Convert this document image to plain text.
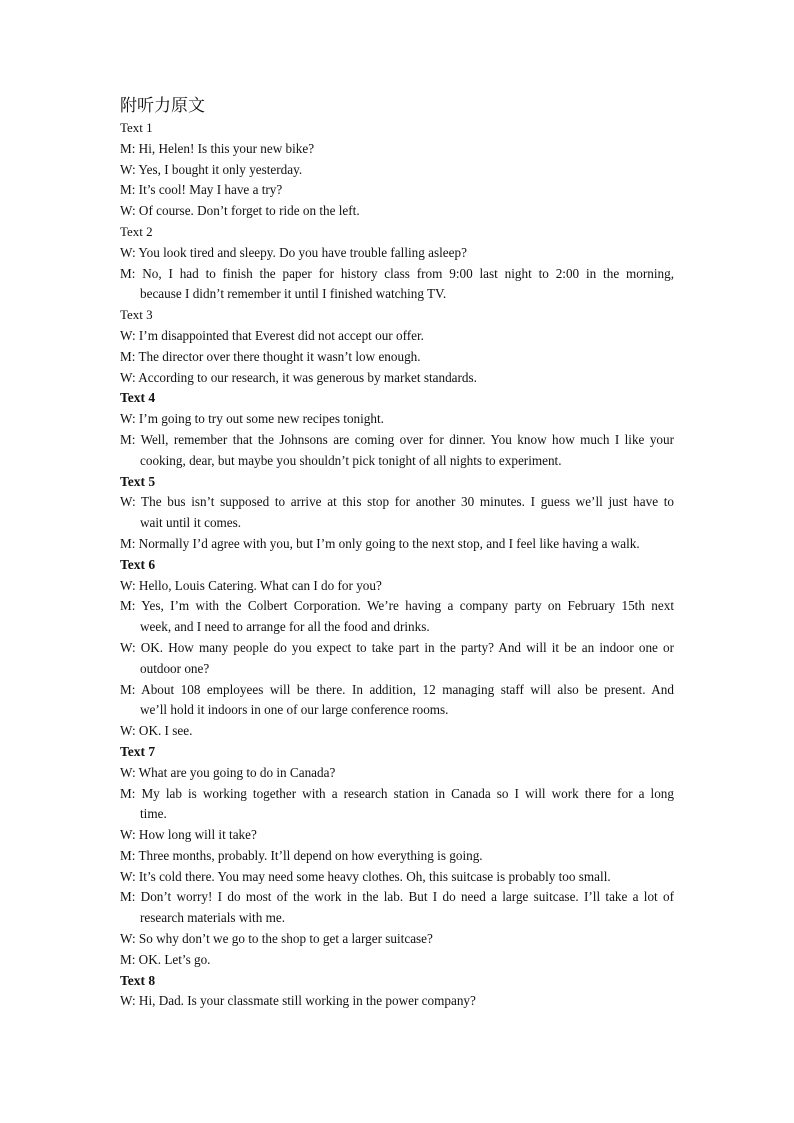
附听力原文
Text 1
M: Hi, Helen! Is this your new bike?
W: Yes, I bought it only yesterday.
M: It’s cool! May I have a try?
W: Of course. Don’t forget to ride on the left.
Text 2
W: You look tired and sleepy. Do you have trouble falling asleep?
M: No, I had to finish the paper for history class from 9:00 last night to 2:00 in the morning,
because I didn’t remember it until I finished watching TV.
Text 3
W: I’m disappointed that Everest did not accept our offer.
M: The director over there thought it wasn’t low enough.
W: According to our research, it was generous by market standards.
Text 4
W: I’m going to try out some new recipes tonight.
M: Well, remember that the Johnsons are coming over for dinner. You know how much I like your
cooking, dear, but maybe you shouldn’t pick tonight of all nights to experiment.
Text 5
W: The bus isn’t supposed to arrive at this stop for another 30 minutes. I guess we’ll just have to
wait until it comes.
M: Normally I’d agree with you, but I’m only going to the next stop, and I feel like having a walk.
Text 6
W: Hello, Louis Catering. What can I do for you?
M: Yes, I’m with the Colbert Corporation. We’re having a company party on February 15th next
week, and I need to arrange for all the food and drinks.
W: OK. How many people do you expect to take part in the party? And will it be an indoor one or
outdoor one?
M: About 108 employees will be there. In addition, 12 managing staff will also be present. And
we’ll hold it indoors in one of our large conference rooms.
W: OK. I see.
Text 7
W: What are you going to do in Canada?
M: My lab is working together with a research station in Canada so I will work there for a long
time.
W: How long will it take?
M: Three months, probably. It’ll depend on how everything is going.
W: It’s cold there. You may need some heavy clothes. Oh, this suitcase is probably too small.
M: Don’t worry! I do most of the work in the lab. But I do need a large suitcase. I’ll take a lot of
research materials with me.
W: So why don’t we go to the shop to get a larger suitcase?
M: OK. Let’s go.
Text 8
W: Hi, Dad. Is your classmate still working in the power company?
